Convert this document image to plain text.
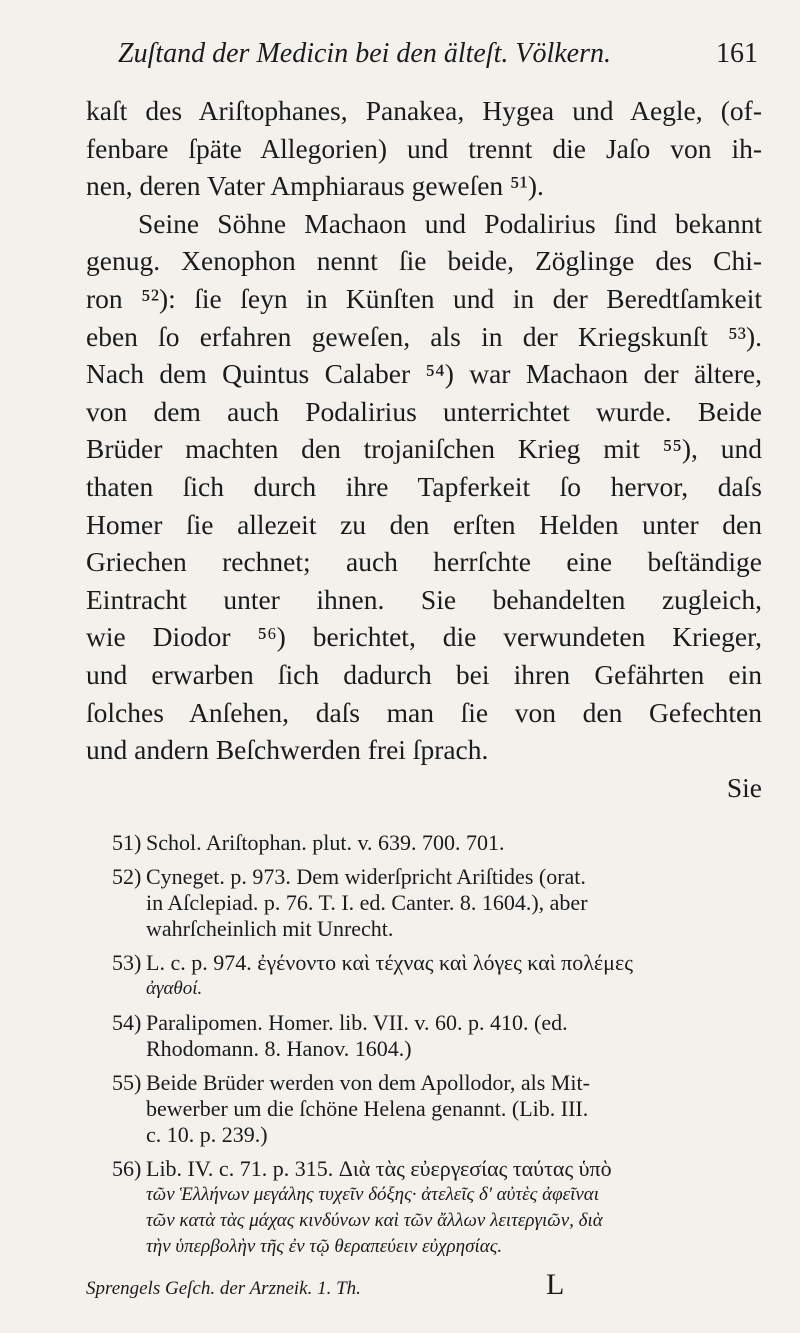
Zuſtand der Medicin bei den älteſt. Völkern.	161
kaſt des Ariſtophanes, Panakea, Hygea und Aegle, (of-
fenbare ſpäte Allegorien) und trennt die Jaſo von ih-
nen, deren Vater Amphiaraus geweſen ⁵¹).
Seine Söhne Machaon und Podalirius ſind bekannt
genug. Xenophon nennt ſie beide, Zöglinge des Chi-
ron ⁵²): ſie ſeyn in Künſten und in der Beredtſamkeit
eben ſo erfahren geweſen, als in der Kriegskunſt ⁵³).
Nach dem Quintus Calaber ⁵⁴) war Machaon der ältere,
von dem auch Podalirius unterrichtet wurde. Beide
Brüder machten den trojaniſchen Krieg mit ⁵⁵), und
thaten ſich durch ihre Tapferkeit ſo hervor, daſs
Homer ſie allezeit zu den erſten Helden unter den
Griechen rechnet; auch herrſchte eine beſtändige
Eintracht unter ihnen. Sie behandelten zugleich,
wie Diodor ⁵⁶) berichtet, die verwundeten Krieger,
und erwarben ſich dadurch bei ihren Gefährten ein
ſolches Anſehen, daſs man ſie von den Gefechten
und andern Beſchwerden frei ſprach.
Sie
51) Schol. Ariſtophan. plut. v. 639. 700. 701.
52) Cyneget. p. 973. Dem widerſpricht Ariſtides (orat.
in Aſclepiad. p. 76. T. I. ed. Canter. 8. 1604.), aber
wahrſcheinlich mit Unrecht.
53) L. c. p. 974. ἐγένοντο καὶ τέχνας καὶ λόγες καὶ πολέμες
ἀγαθοί.
54) Paralipomen. Homer. lib. VII. v. 60. p. 410. (ed.
Rhodomann. 8. Hanov. 1604.)
55) Beide Brüder werden von dem Apollodor, als Mit-
bewerber um die ſchöne Helena genannt. (Lib. III.
c. 10. p. 239.)
56) Lib. IV. c. 71. p. 315. Διὰ τὰς εὐεργεσίας ταύτας ὑπὸ
τῶν Ἑλλήνων μεγάλης τυχεῖν δόξης· ἀτελεῖς δ' αὐτὲς ἀφεῖναι
τῶν κατὰ τὰς μάχας κινδύνων καὶ τῶν ἄλλων λειτεργιῶν, διὰ
τὴν ὑπερβολὴν τῆς ἐν τῷ θεραπεύειν εὐχρησίας.
Sprengels Geſch. der Arzneik. 1. Th.	L
